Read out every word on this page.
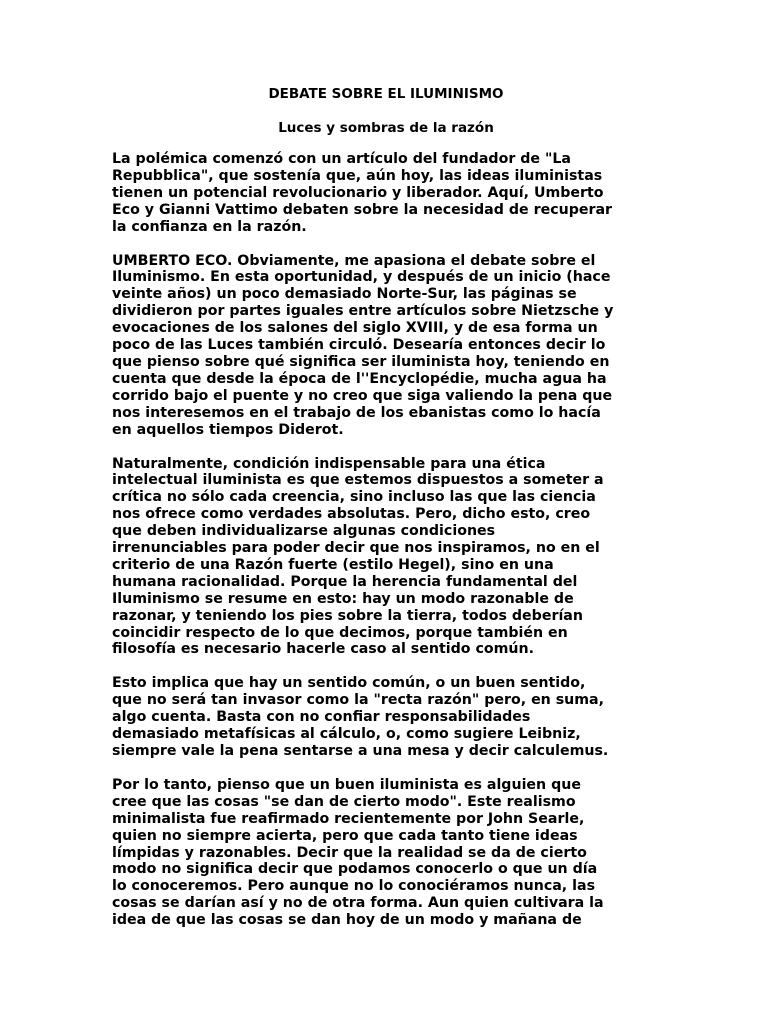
DEBATE SOBRE EL ILUMINISMO
Luces y sombras de la razón

La polémica comenzó con un artículo del fundador de "La
Repubblica", que sostenía que, aún hoy, las ideas iluministas
tienen un potencial revolucionario y liberador. Aquí, Umberto
Eco y Gianni Vattimo debaten sobre la necesidad de recuperar
la confianza en la razón.

UMBERTO ECO. Obviamente, me apasiona el debate sobre el
Iluminismo. En esta oportunidad, y después de un inicio (hace
veinte años) un poco demasiado Norte-Sur, las páginas se
dividieron por partes iguales entre artículos sobre Nietzsche y
evocaciones de los salones del siglo XVIII, y de esa forma un
poco de las Luces también circuló. Desearía entonces decir lo
que pienso sobre qué significa ser iluminista hoy, teniendo en
cuenta que desde la época de l''Encyclopédie, mucha agua ha
corrido bajo el puente y no creo que siga valiendo la pena que
nos interesemos en el trabajo de los ebanistas como lo hacía
en aquellos tiempos Diderot.

Naturalmente, condición indispensable para una ética
intelectual iluminista es que estemos dispuestos a someter a
crítica no sólo cada creencia, sino incluso las que las ciencia
nos ofrece como verdades absolutas. Pero, dicho esto, creo
que deben individualizarse algunas condiciones
irrenunciables para poder decir que nos inspiramos, no en el
criterio de una Razón fuerte (estilo Hegel), sino en una
humana racionalidad. Porque la herencia fundamental del
Iluminismo se resume en esto: hay un modo razonable de
razonar, y teniendo los pies sobre la tierra, todos deberían
coincidir respecto de lo que decimos, porque también en
filosofía es necesario hacerle caso al sentido común.

Esto implica que hay un sentido común, o un buen sentido,
que no será tan invasor como la "recta razón" pero, en suma,
algo cuenta. Basta con no confiar responsabilidades
demasiado metafísicas al cálculo, o, como sugiere Leibniz,
siempre vale la pena sentarse a una mesa y decir calculemus.

Por lo tanto, pienso que un buen iluminista es alguien que
cree que las cosas "se dan de cierto modo". Este realismo
minimalista fue reafirmado recientemente por John Searle,
quien no siempre acierta, pero que cada tanto tiene ideas
límpidas y razonables. Decir que la realidad se da de cierto
modo no significa decir que podamos conocerlo o que un día
lo conoceremos. Pero aunque no lo conociéramos nunca, las
cosas se darían así y no de otra forma. Aun quien cultivara la
idea de que las cosas se dan hoy de un modo y mañana de
